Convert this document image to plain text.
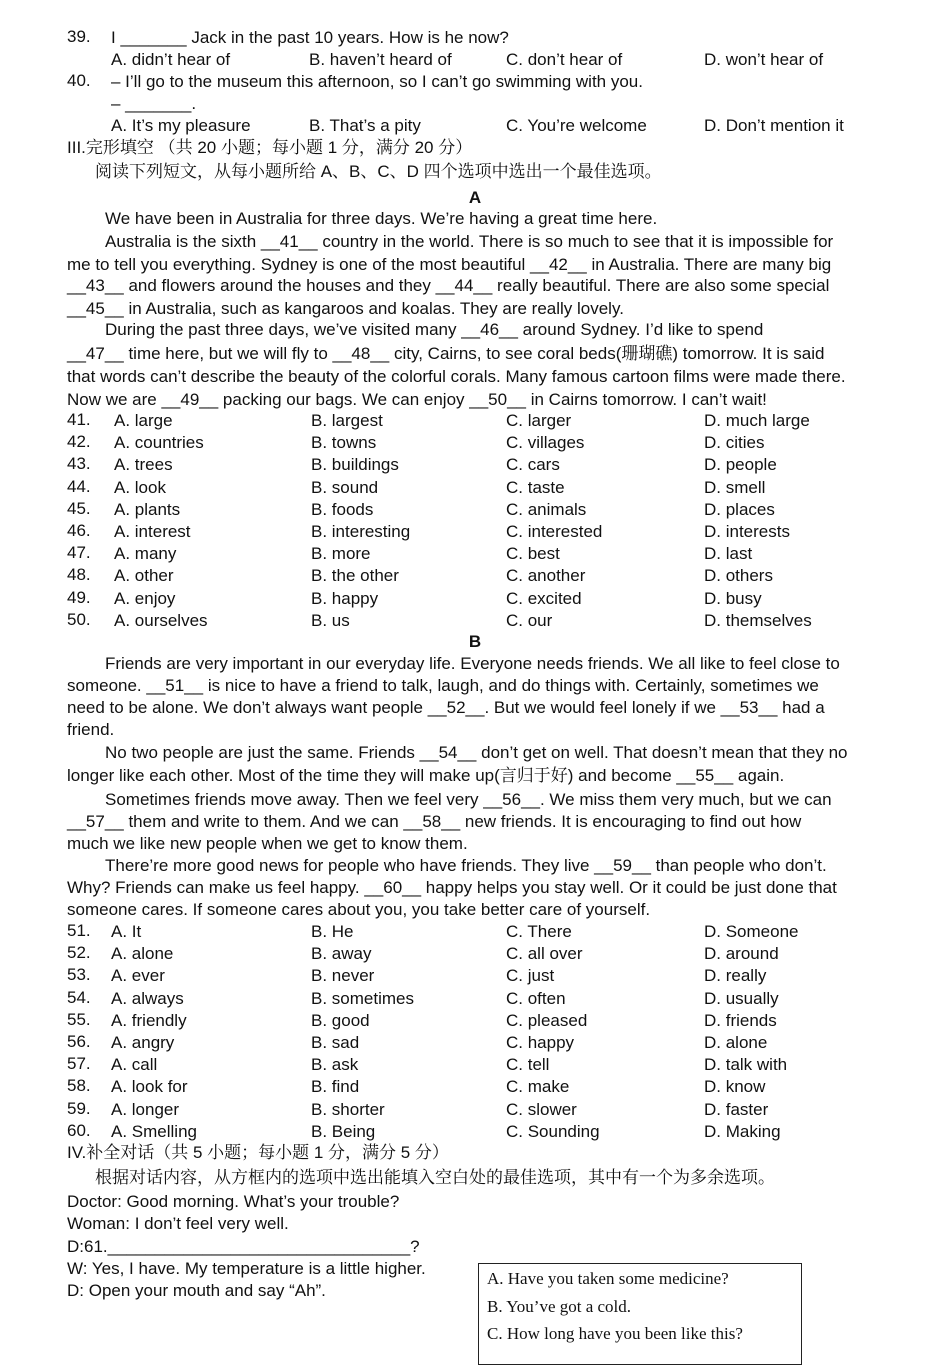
39. I _______ Jack in the past 10 years. How is he now?
A. didn’t hear of	B. haven’t heard of	C. don’t hear of	D. won’t hear of
40. – I’ll go to the museum this afternoon, so I can’t go swimming with you.
– _______.
A. It’s my pleasure	B. That’s a pity	C. You’re welcome	D. Don’t mention it
III.完形填空 （共 20 小题；每小题 1 分，满分 20 分）
阅读下列短文，从每小题所给 A、B、C、D 四个选项中选出一个最佳选项。
A
We have been in Australia for three days. We’re having a great time here.
Australia is the sixth __41__ country in the world. There is so much to see that it is impossible for
me to tell you everything. Sydney is one of the most beautiful __42__ in Australia. There are many big
__43__ and flowers around the houses and they __44__ really beautiful. There are also some special
__45__ in Australia, such as kangaroos and koalas. They are really lovely.
During the past three days, we’ve visited many __46__ around Sydney. I’d like to spend
__47__ time here, but we will fly to __48__ city, Cairns, to see coral beds(珊瑚礁) tomorrow. It is said
that words can’t describe the beauty of the colorful corals. Many famous cartoon films were made there.
Now we are __49__ packing our bags. We can enjoy __50__ in Cairns tomorrow. I can’t wait!
41. A. large	B. largest	C. larger	D. much large
42. A. countries	B. towns	C. villages	D. cities
43. A. trees	B. buildings	C. cars	D. people
44. A. look	B. sound	C. taste	D. smell
45. A. plants	B. foods	C. animals	D. places
46. A. interest	B. interesting	C. interested	D. interests
47. A. many	B. more	C. best	D. last
48. A. other	B. the other	C. another	D. others
49. A. enjoy	B. happy	C. excited	D. busy
50. A. ourselves	B. us	C. our	D. themselves
B
Friends are very important in our everyday life. Everyone needs friends. We all like to feel close to
someone. __51__ is nice to have a friend to talk, laugh, and do things with. Certainly, sometimes we
need to be alone. We don’t always want people __52__. But we would feel lonely if we __53__ had a
friend.
No two people are just the same. Friends __54__ don’t get on well. That doesn’t mean that they no
longer like each other. Most of the time they will make up(言归于好) and become __55__ again.
Sometimes friends move away. Then we feel very __56__. We miss them very much, but we can
__57__ them and write to them. And we can __58__ new friends. It is encouraging to find out how
much we like new people when we get to know them.
There’re more good news for people who have friends. They live __59__ than people who don’t.
Why? Friends can make us feel happy. __60__ happy helps you stay well. Or it could be just done that
someone cares. If someone cares about you, you take better care of yourself.
51. A. It	B. He	C. There	D. Someone
52. A. alone	B. away	C. all over	D. around
53. A. ever	B. never	C. just	D. really
54. A. always	B. sometimes	C. often	D. usually
55. A. friendly	B. good	C. pleased	D. friends
56. A. angry	B. sad	C. happy	D. alone
57. A. call	B. ask	C. tell	D. talk with
58. A. look for	B. find	C. make	D. know
59. A. longer	B. shorter	C. slower	D. faster
60. A. Smelling	B. Being	C. Sounding	D. Making
IV.补全对话（共 5 小题；每小题 1 分，满分 5 分）
根据对话内容，从方框内的选项中选出能填入空白处的最佳选项，其中有一个为多余选项。
Doctor: Good morning. What’s your trouble?
Woman: I don’t feel very well.
D:61.________________________________?
W: Yes, I have. My temperature is a little higher.
D: Open your mouth and say “Ah”.
A. Have you taken some medicine?
B. You’ve got a cold.
C. How long have you been like this?
